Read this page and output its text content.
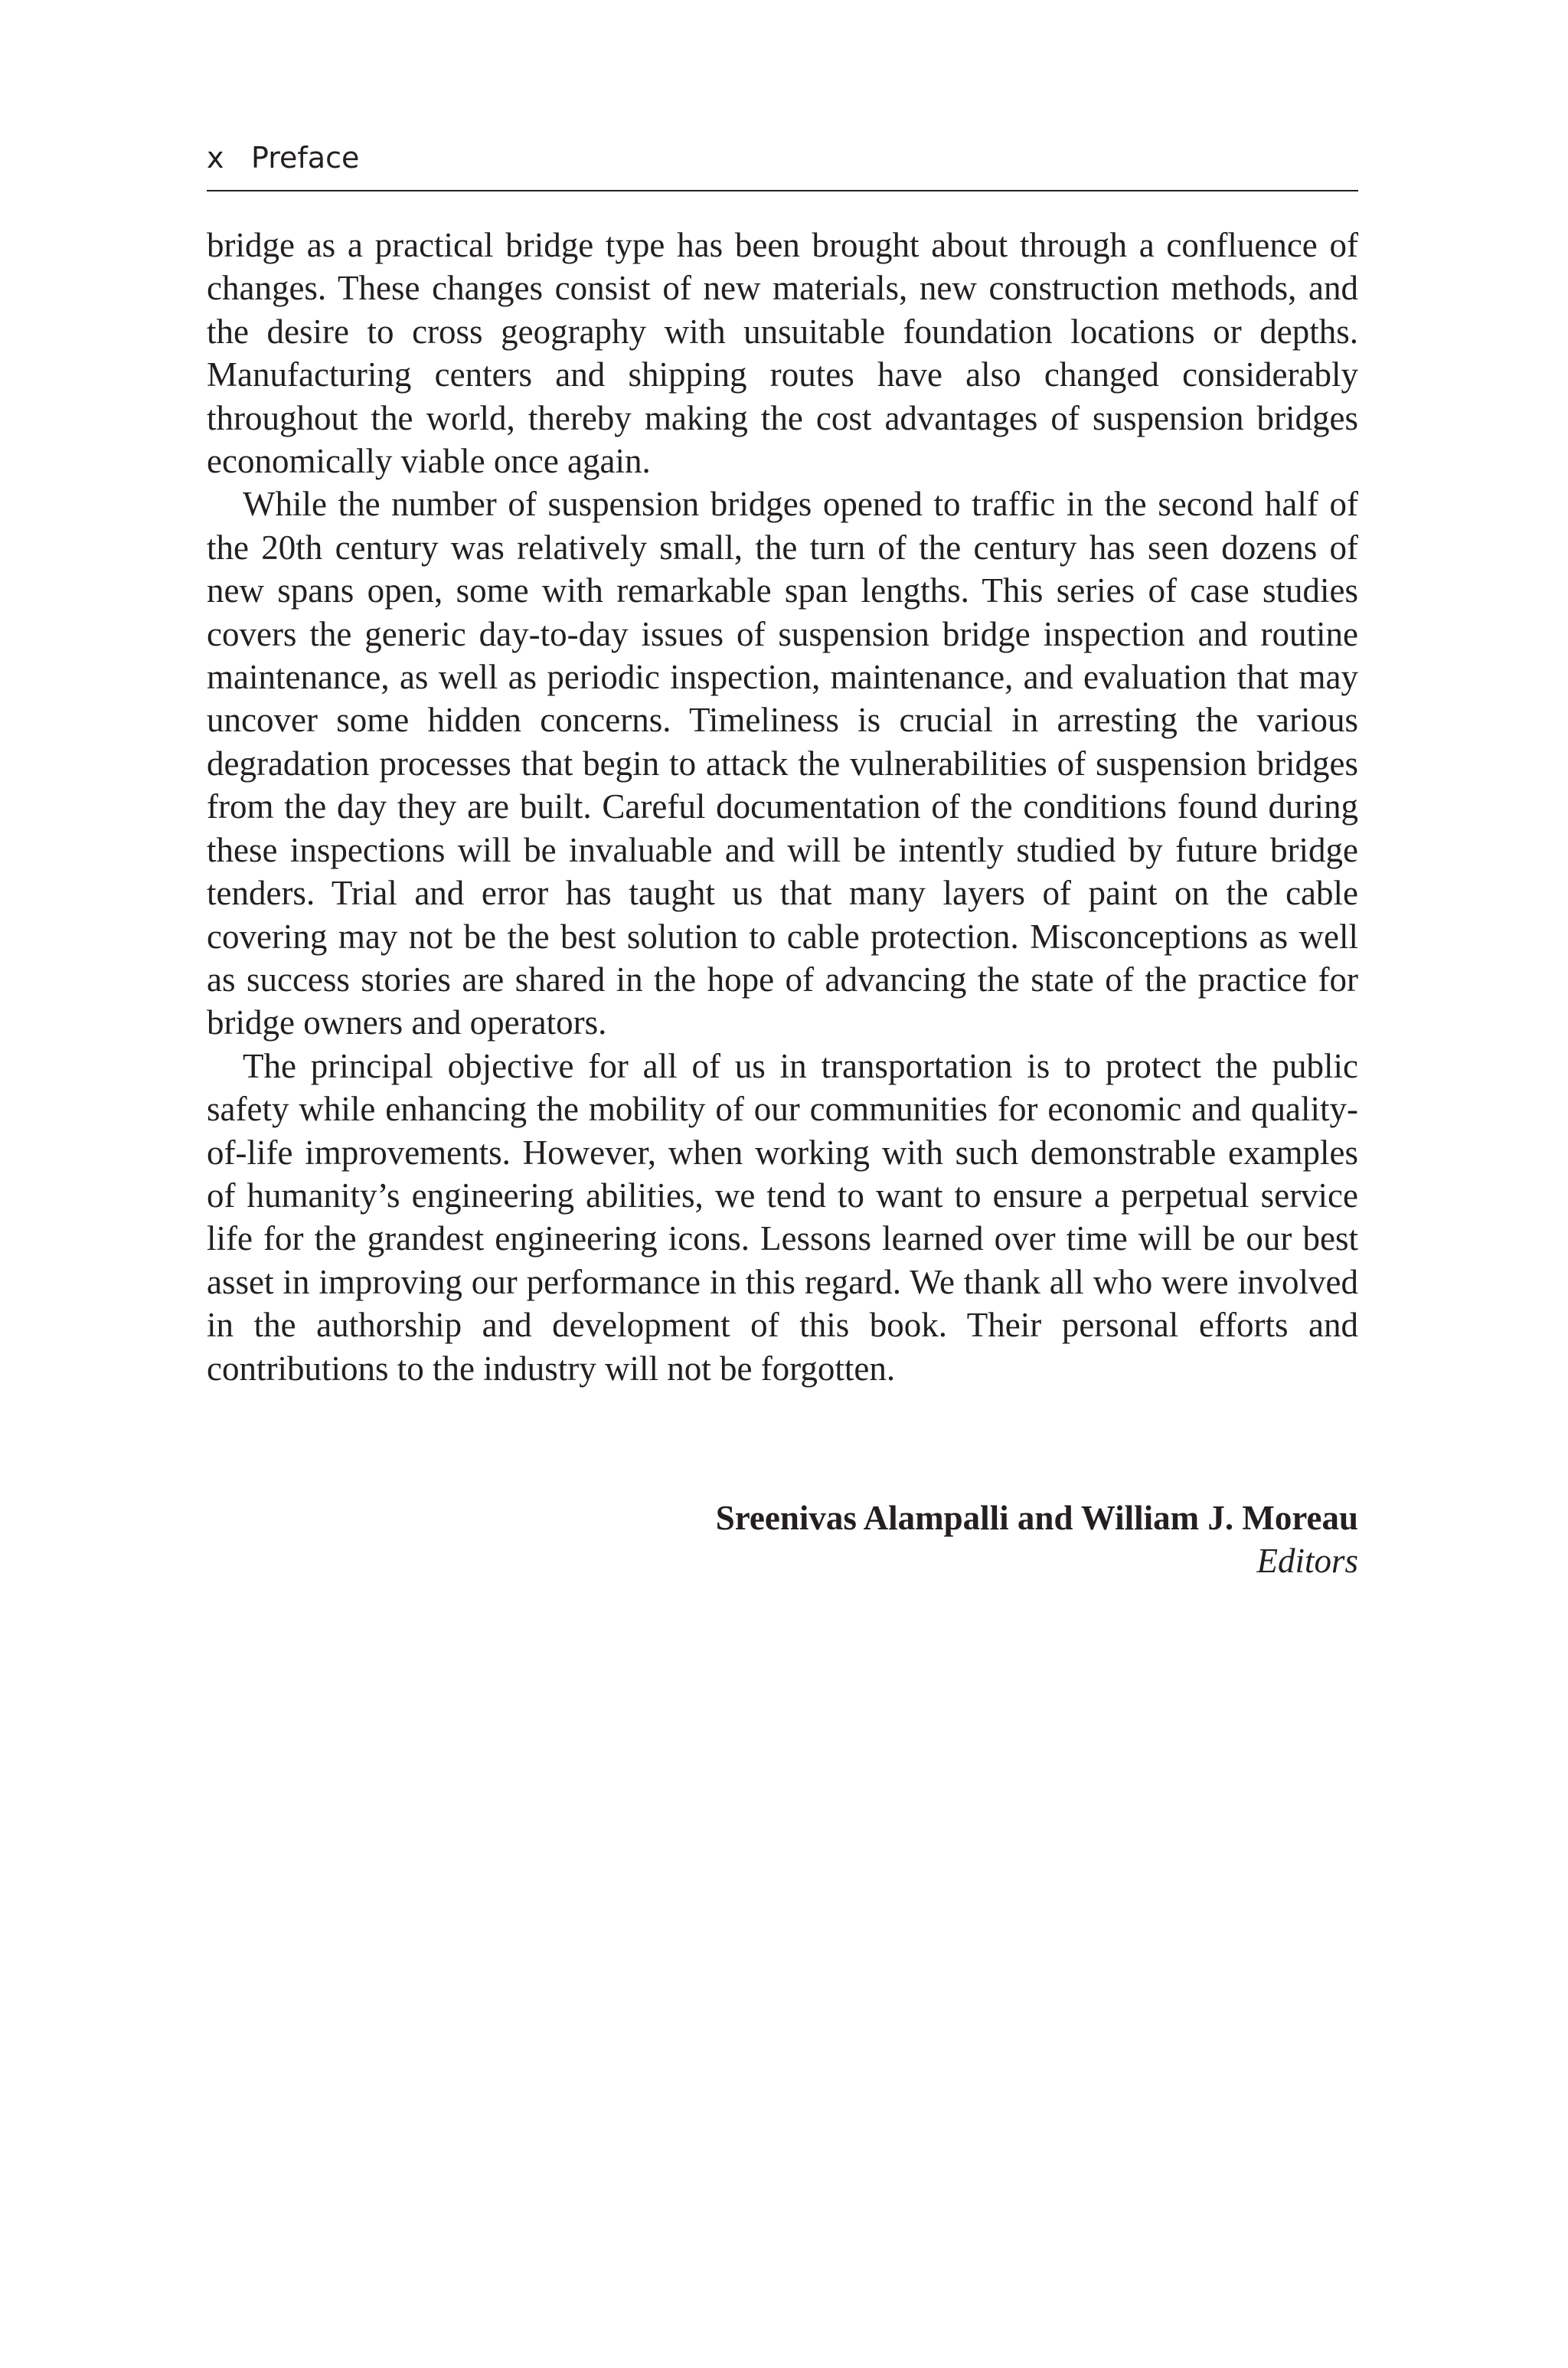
x Preface

bridge as a practical bridge type has been brought about through a confluence of changes. These changes consist of new materials, new construction methods, and the desire to cross geography with unsuitable foundation locations or depths. Manufacturing centers and shipping routes have also changed considerably throughout the world, thereby making the cost advantages of suspension bridges economically viable once again.

While the number of suspension bridges opened to traffic in the second half of the 20th century was relatively small, the turn of the century has seen dozens of new spans open, some with remarkable span lengths. This series of case studies covers the generic day-to-day issues of suspension bridge inspection and routine maintenance, as well as periodic inspection, maintenance, and evaluation that may uncover some hidden concerns. Timeliness is crucial in arresting the various degradation processes that begin to attack the vulnerabilities of suspension bridges from the day they are built. Careful documentation of the conditions found during these inspections will be invaluable and will be intently studied by future bridge tenders. Trial and error has taught us that many layers of paint on the cable covering may not be the best solution to cable protection. Misconceptions as well as success stories are shared in the hope of advancing the state of the practice for bridge owners and operators.

The principal objective for all of us in transportation is to protect the public safety while enhancing the mobility of our communities for economic and quality-of-life improvements. However, when working with such demonstrable examples of humanity’s engineering abilities, we tend to want to ensure a perpetual service life for the grandest engineering icons. Lessons learned over time will be our best asset in improving our performance in this regard. We thank all who were involved in the authorship and development of this book. Their personal efforts and contributions to the industry will not be forgotten.

Sreenivas Alampalli and William J. Moreau
Editors
